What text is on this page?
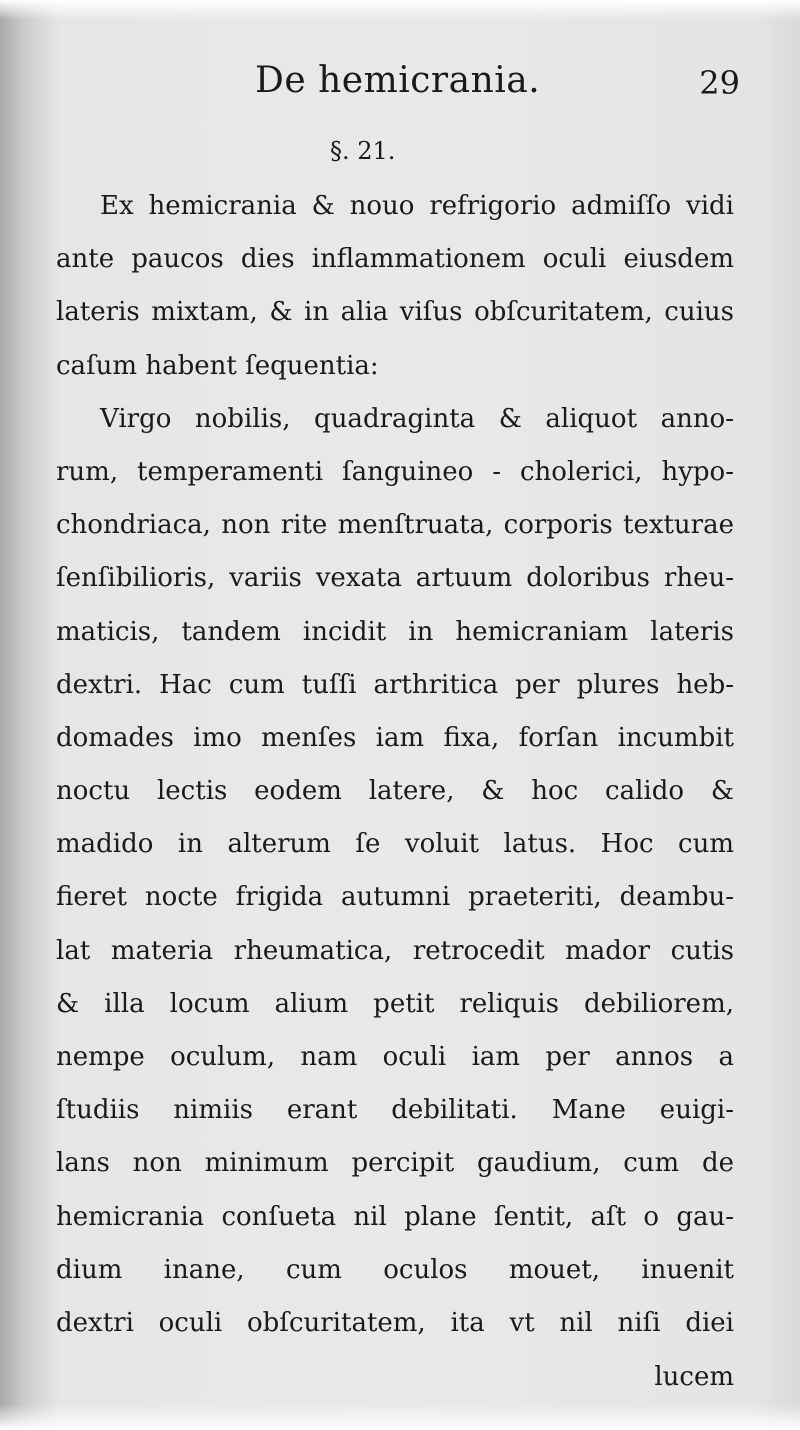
De hemicrania.	29
§. 21.
Ex hemicrania & nouo refrigorio admiſſo vidi
ante paucos dies inflammationem oculi eiusdem
lateris mixtam, & in alia viſus obſcuritatem, cuius
caſum habent ſequentia:
Virgo nobilis, quadraginta & aliquot anno-
rum, temperamenti ſanguineo - cholerici, hypo-
chondriaca, non rite menſtruata, corporis texturae
ſenſibilioris, variis vexata artuum doloribus rheu-
maticis, tandem incidit in hemicraniam lateris
dextri. Hac cum tuſſi arthritica per plures heb-
domades imo menſes iam fixa, forſan incumbit
noctu lectis eodem latere, & hoc calido &
madido in alterum ſe voluit latus. Hoc cum
fieret nocte frigida autumni praeteriti, deambu-
lat materia rheumatica, retrocedit mador cutis
& illa locum alium petit reliquis debiliorem,
nempe oculum, nam oculi iam per annos a
ſtudiis nimiis erant debilitati. Mane euigi-
lans non minimum percipit gaudium, cum de
hemicrania conſueta nil plane ſentit, aſt o gau-
dium inane, cum oculos mouet, inuenit
dextri oculi obſcuritatem, ita vt nil niſi diei
lucem
